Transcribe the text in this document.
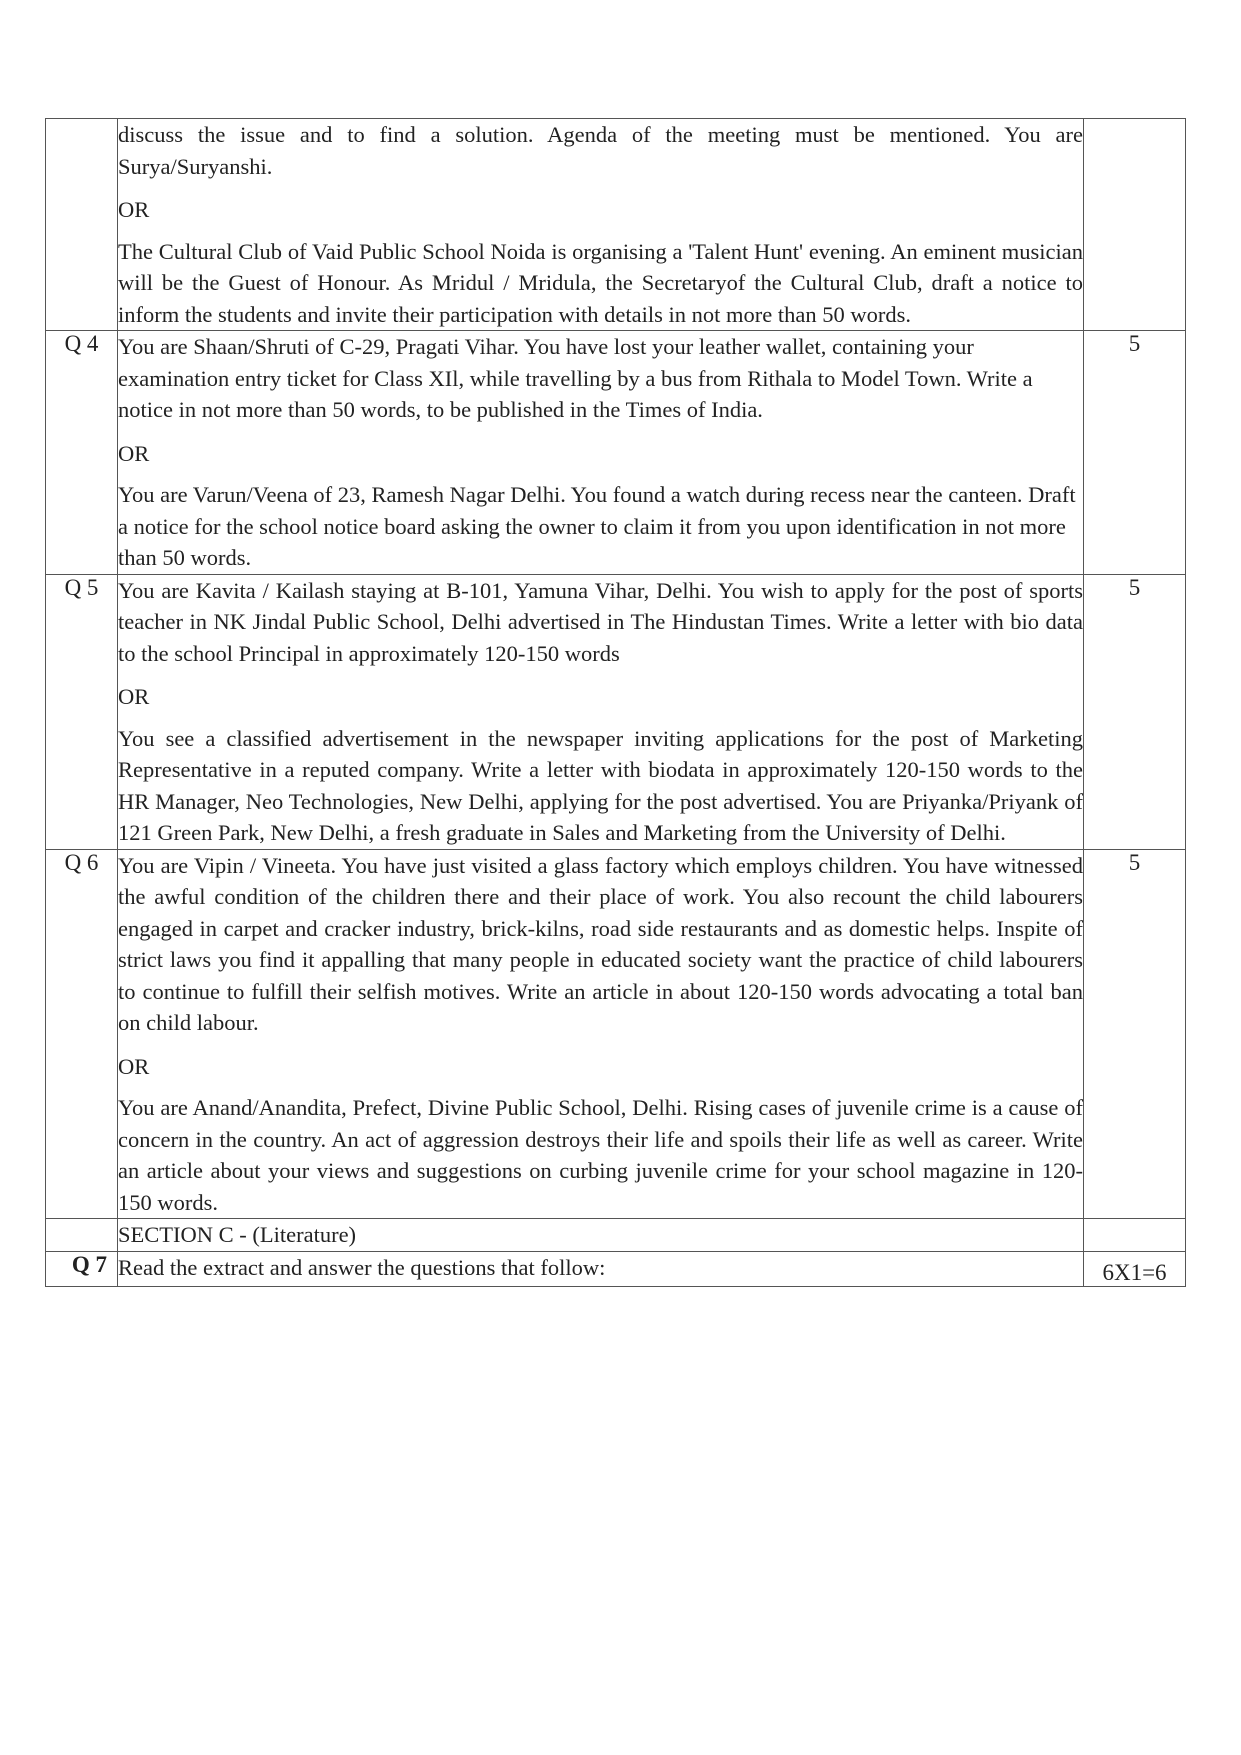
	discuss the issue and to find a solution. Agenda of the meeting must be mentioned. You are Surya/Suryanshi.

OR

The Cultural Club of Vaid Public School Noida is organising a 'Talent Hunt' evening. An eminent musician will be the Guest of Honour. As Mridul / Mridula, the Secretaryof the Cultural Club, draft a notice to inform the students and invite their participation with details in not more than 50 words.	

Q 4	You are Shaan/Shruti of C-29, Pragati Vihar. You have lost your leather wallet, containing your examination entry ticket for Class XIl, while travelling by a bus from Rithala to Model Town. Write a notice in not more than 50 words, to be published in the Times of India.

OR

You are Varun/Veena of 23, Ramesh Nagar Delhi. You found a watch during recess near the canteen. Draft a notice for the school notice board asking the owner to claim it from you upon identification in not more than 50 words.	5
Q 5	You are Kavita / Kailash staying at B-101, Yamuna Vihar, Delhi. You wish to apply for the post of sports teacher in NK Jindal Public School, Delhi advertised in The Hindustan Times. Write a letter with bio data to the school Principal in approximately 120-150 words

OR

You see a classified advertisement in the newspaper inviting applications for the post of Marketing Representative in a reputed company. Write a letter with biodata in approximately 120-150 words to the HR Manager, Neo Technologies, New Delhi, applying for the post advertised. You are Priyanka/Priyank of 121 Green Park, New Delhi, a fresh graduate in Sales and Marketing from the University of Delhi.	5
Q 6	You are Vipin / Vineeta. You have just visited a glass factory which employs children. You have witnessed the awful condition of the children there and their place of work. You also recount the child labourers engaged in carpet and cracker industry, brick-kilns, road side restaurants and as domestic helps. Inspite of strict laws you find it appalling that many people in educated society want the practice of child labourers to continue to fulfill their selfish motives. Write an article in about 120-150 words advocating a total ban on child labour.

OR

You are Anand/Anandita, Prefect, Divine Public School, Delhi. Rising cases of juvenile crime is a cause of concern in the country. An act of aggression destroys their life and spoils their life as well as career. Write an article about your views and suggestions on curbing juvenile crime for your school magazine in 120-150 words.	5
	SECTION C - (Literature)	
Q 7	Read the extract and answer the questions that follow:	6X1=6
